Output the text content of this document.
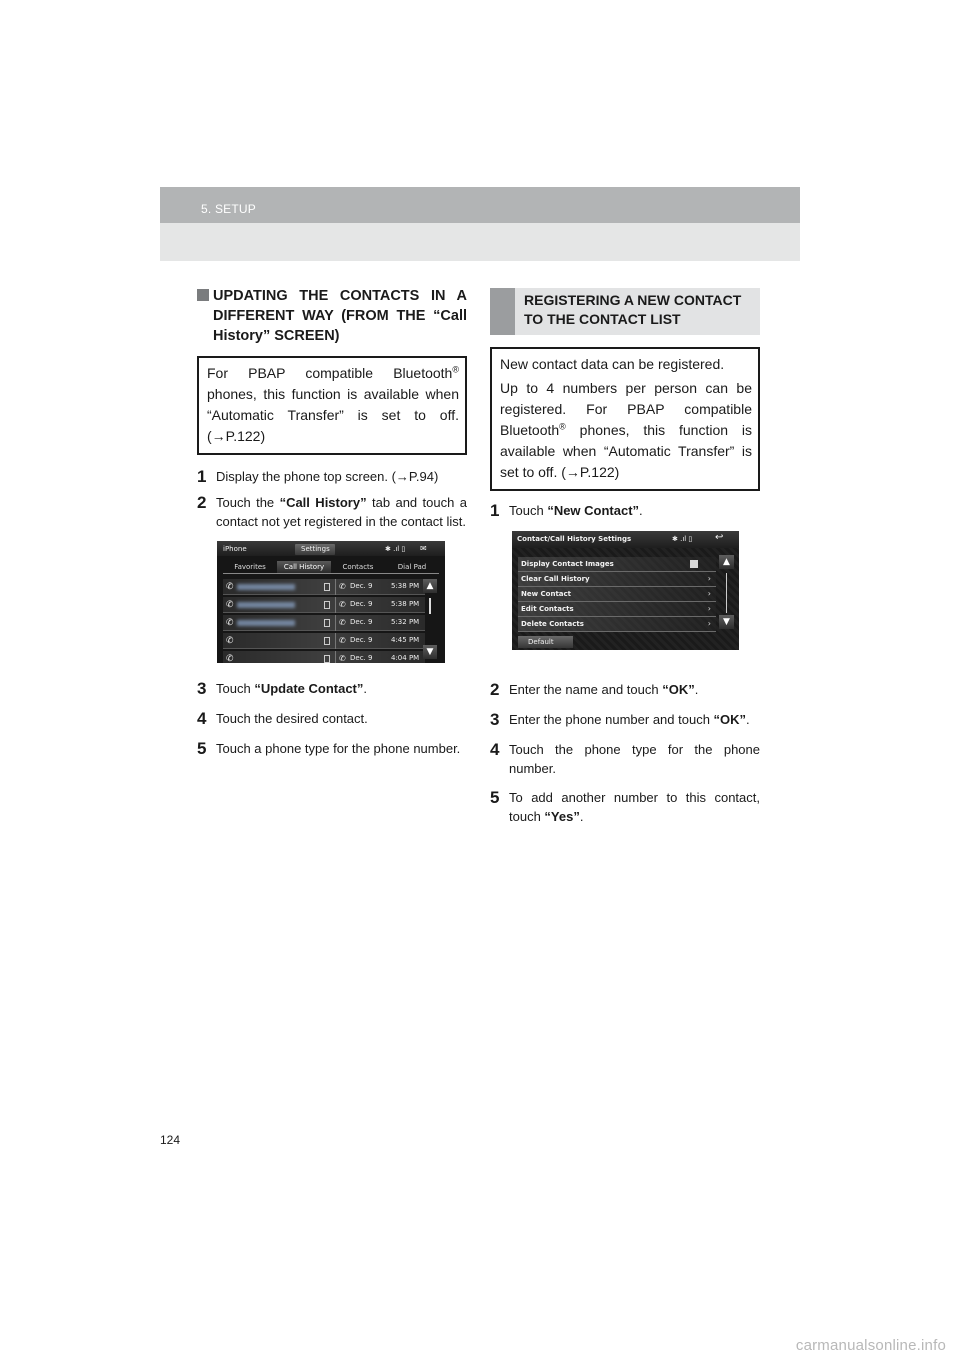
5. SETUP
UPDATING THE CONTACTS IN A DIFFERENT WAY (FROM THE “Call History” SCREEN)
For PBAP compatible Bluetooth® phones, this function is available when “Automatic Transfer” is set to off. (→P.122)
1 Display the phone top screen. (→P.94)
2 Touch the “Call History” tab and touch a contact not yet registered in the contact list.
iPhone	Settings	✱ .ıl ▯ ✉
Favorites	Call History	Contacts	Dial Pad
✆	✆ Dec. 9	5:38 PM
✆	✆ Dec. 9	5:38 PM
✆	✆ Dec. 9	5:32 PM
✆	✆ Dec. 9	4:45 PM
✆	✆ Dec. 9	4:04 PM
▲
▼
3 Touch “Update Contact”.
4 Touch the desired contact.
5 Touch a phone type for the phone number.
REGISTERING A NEW CONTACT TO THE CONTACT LIST
New contact data can be registered.
Up to 4 numbers per person can be registered. For PBAP compatible Bluetooth® phones, this function is available when “Automatic Transfer” is set to off. (→P.122)
1 Touch “New Contact”.
Contact/Call History Settings	✱ .ıl ▯ ↩
Display Contact Images
Clear Call History	›
New Contact	›
Edit Contacts	›
Delete Contacts	›
Default
▲
▼
2 Enter the name and touch “OK”.
3 Enter the phone number and touch “OK”.
4 Touch the phone type for the phone number.
5 To add another number to this contact, touch “Yes”.
124
carmanualsonline.info
